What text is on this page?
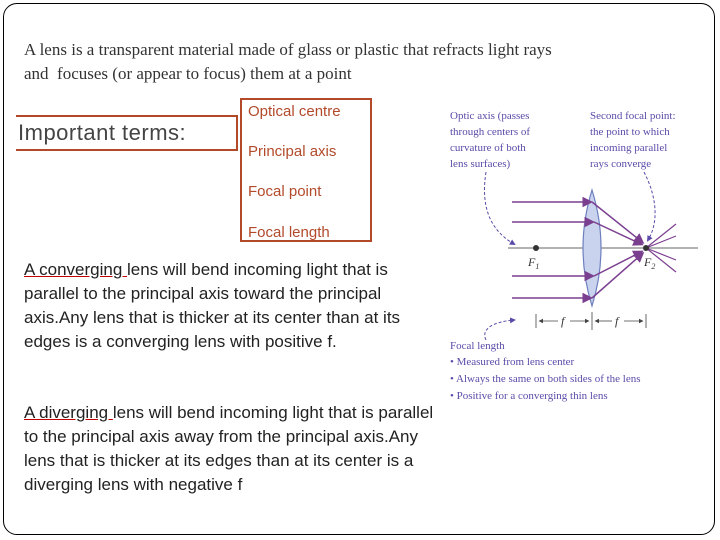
A lens is a transparent material made of glass or plastic that refracts light rays
and  focuses (or appear to focus) them at a point
Important terms:
Optical centre
Principal axis
Focal point
Focal length
A converging lens will bend incoming light that is parallel to the principal axis toward the principal axis.Any lens that is thicker at its center than at its edges is a converging lens with positive f.
A diverging lens will bend incoming light that is parallel to the principal axis away from the principal axis.Any lens that is thicker at its edges than at its center is a diverging lens with negative f
Optic axis (passes
through centers of
curvature of both
lens surfaces)
Second focal point:
the point to which
incoming parallel
rays converge
$F_1$	$F_2$
f	f
Focal length
• Measured from lens center
• Always the same on both sides of the lens
• Positive for a converging thin lens
